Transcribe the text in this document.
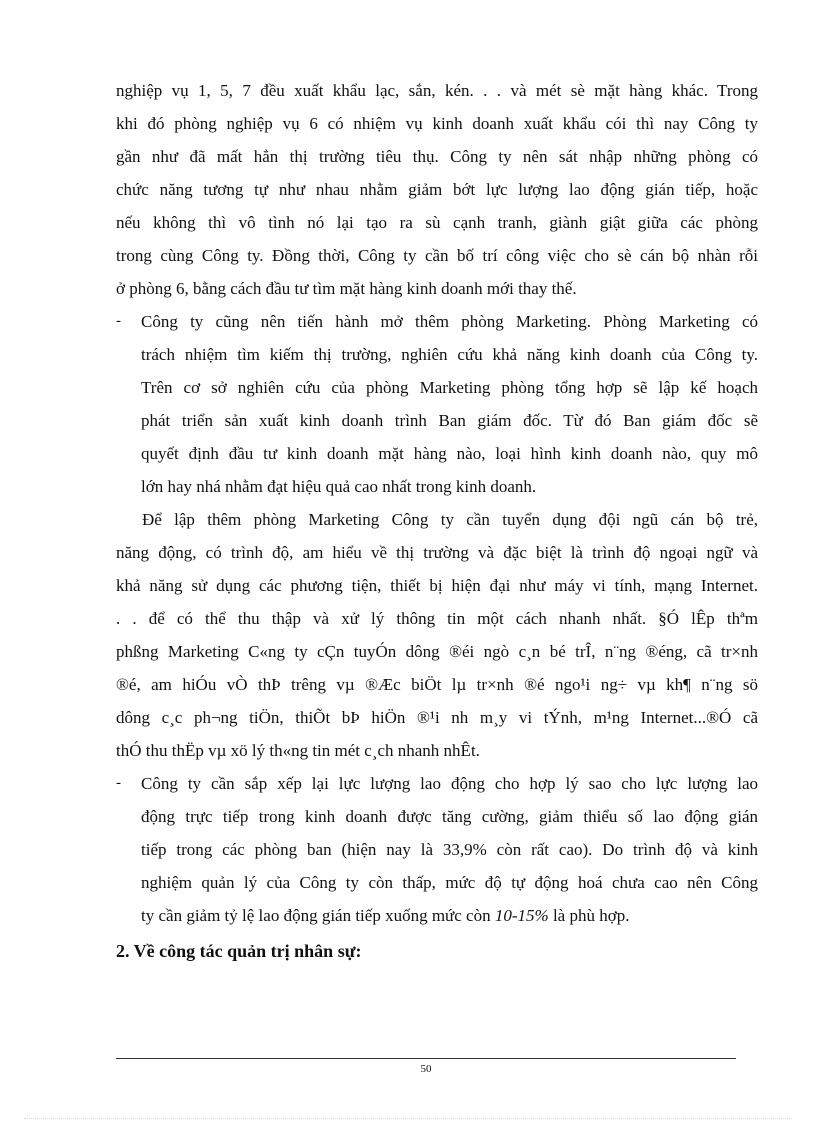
nghiệp vụ 1, 5, 7 đều xuất khẩu lạc, sắn, kén. . . và mét sè mặt hàng khác. Trong
khi đó phòng nghiệp vụ 6 có nhiệm vụ kinh doanh xuất khẩu cói thì nay Công ty
gần như đã mất hẳn thị trường tiêu thụ. Công ty nên sát nhập những phòng có
chức năng tương tự như nhau nhằm giảm bớt lực lượng lao động gián tiếp, hoặc
nếu không thì vô tình nó lại tạo ra sù cạnh tranh, giành giật giữa các phòng
trong cùng Công ty. Đồng thời, Công ty cần bố trí công việc cho sè cán bộ nhàn rỗi
ở phòng 6, bằng cách đầu tư tìm mặt hàng kinh doanh mới thay thế.
- Công ty cũng nên tiến hành mở thêm phòng Marketing. Phòng Marketing có
trách nhiệm tìm kiếm thị trường, nghiên cứu khả năng kinh doanh của Công ty.
Trên cơ sở nghiên cứu của phòng Marketing phòng tổng hợp sẽ lập kế hoạch
phát triển sản xuất kinh doanh trình Ban giám đốc. Từ đó Ban giám đốc sẽ
quyết định đầu tư kinh doanh mặt hàng nào, loại hình kinh doanh nào, quy mô
lớn hay nhá nhằm đạt hiệu quả cao nhất trong kinh doanh.
Để lập thêm phòng Marketing Công ty cần tuyển dụng đội ngũ cán bộ trẻ,
năng động, có trình độ, am hiểu về thị trường và đặc biệt là trình độ ngoại ngữ và
khả năng sử dụng các phương tiện, thiết bị hiện đại như máy vi tính, mạng Internet.
. . để có thể thu thập và xử lý thông tin một cách nhanh nhất. §Ó lÊp thªm
phßng Marketing C«ng ty cÇn tuyÓn dông ®éi ngò c¸n bé trÎ, n¨ng ®éng, cã tr×nh
®é, am hiÓu vÒ thÞ trêng vµ ®Æc biÖt lµ tr×nh ®é ngo¹i ng÷ vµ kh¶ n¨ng sö
dông c¸c ph¬ng tiÖn, thiÕt bÞ hiÖn ®¹i nh m¸y vi tÝnh, m¹ng Internet...®Ó cã
thÓ thu thËp vµ xö lý th«ng tin mét c¸ch nhanh nhÊt.
- Công ty cần sắp xếp lại lực lượng lao động cho hợp lý sao cho lực lượng lao
động trực tiếp trong kinh doanh được tăng cường, giảm thiểu số lao động gián
tiếp trong các phòng ban (hiện nay là 33,9% còn rất cao). Do trình độ và kinh
nghiệm quản lý của Công ty còn thấp, mức độ tự động hoá chưa cao nên Công
ty cần giảm tỷ lệ lao động gián tiếp xuống mức còn 10-15% là phù hợp.
2. Về công tác quản trị nhân sự:
50
